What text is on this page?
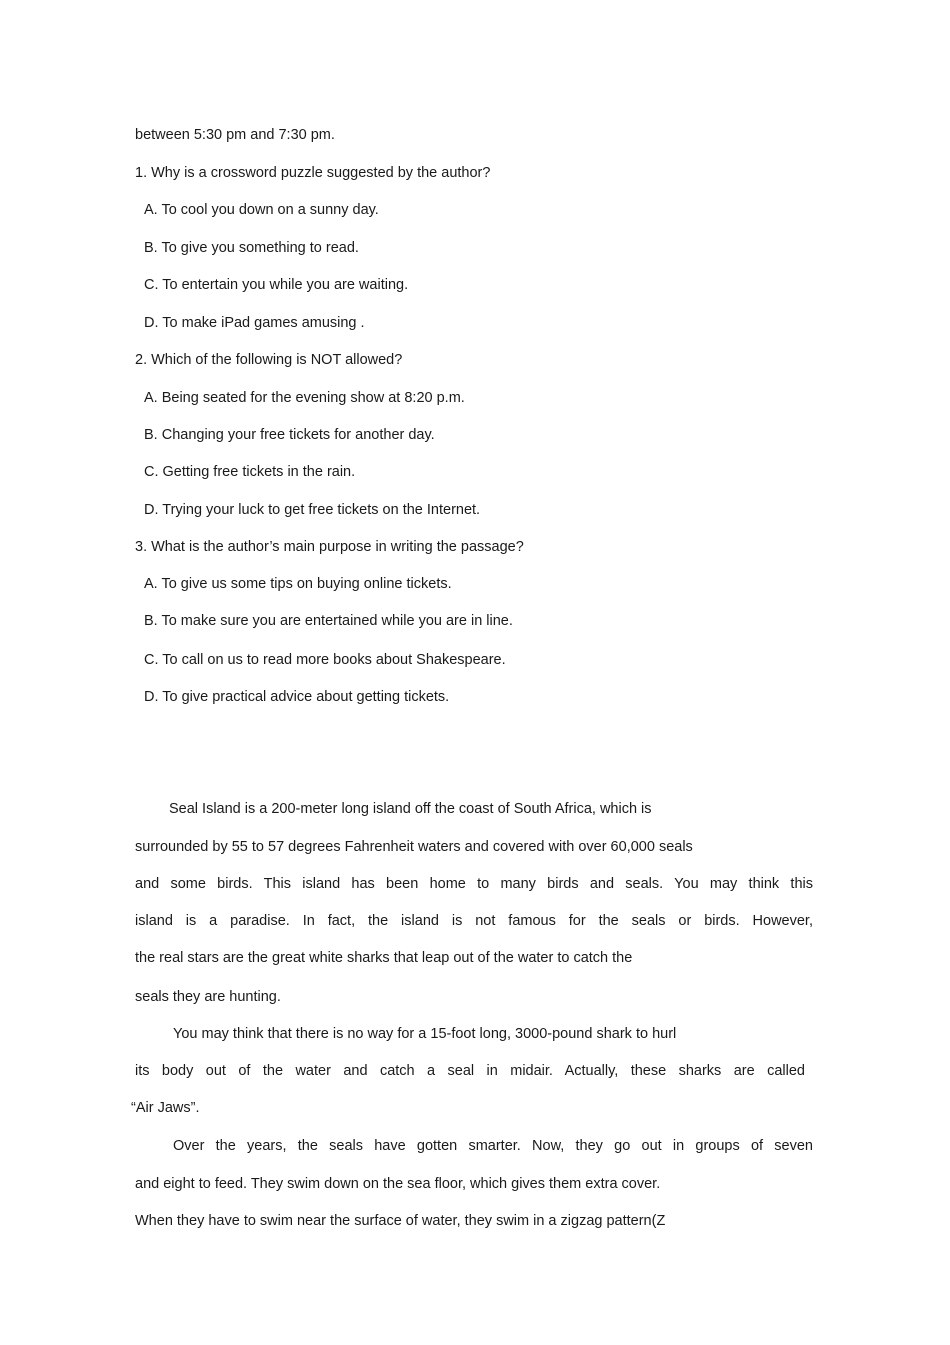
between 5:30 pm and 7:30 pm.
1. Why is a crossword puzzle suggested by the author?
A. To cool you down on a sunny day.
B. To give you something to read.
C. To entertain you while you are waiting.
D. To make iPad games amusing .
2. Which of the following is NOT allowed?
A. Being seated for the evening show at 8:20 p.m.
B. Changing your free tickets for another day.
C. Getting free tickets in the rain.
D. Trying your luck to get free tickets on the Internet.
3. What is the author’s main purpose in writing the passage?
A. To give us some tips on buying online tickets.
B. To make sure you are entertained while you are in line.
C. To call on us to read more books about Shakespeare.
D. To give practical advice about getting tickets.
Seal Island is a 200-meter long island off the coast of South Africa, which is
surrounded by 55 to 57 degrees Fahrenheit waters and covered with over 60,000 seals
and some birds. This island has been home to many birds and seals. You may think this
island is a paradise. In fact, the island is not famous for the seals or birds. However,
the real stars are the great white sharks that leap out of the water to catch the
seals they are hunting.
You may think that there is no way for a 15-foot long, 3000-pound shark to hurl
its body out of the water and catch a seal in midair. Actually, these sharks are called
“Air Jaws”.
Over the years, the seals have gotten smarter. Now, they go out in groups of seven
and eight to feed. They swim down on the sea floor, which gives them extra cover.
When they have to swim near the surface of water, they swim in a zigzag pattern(Z
